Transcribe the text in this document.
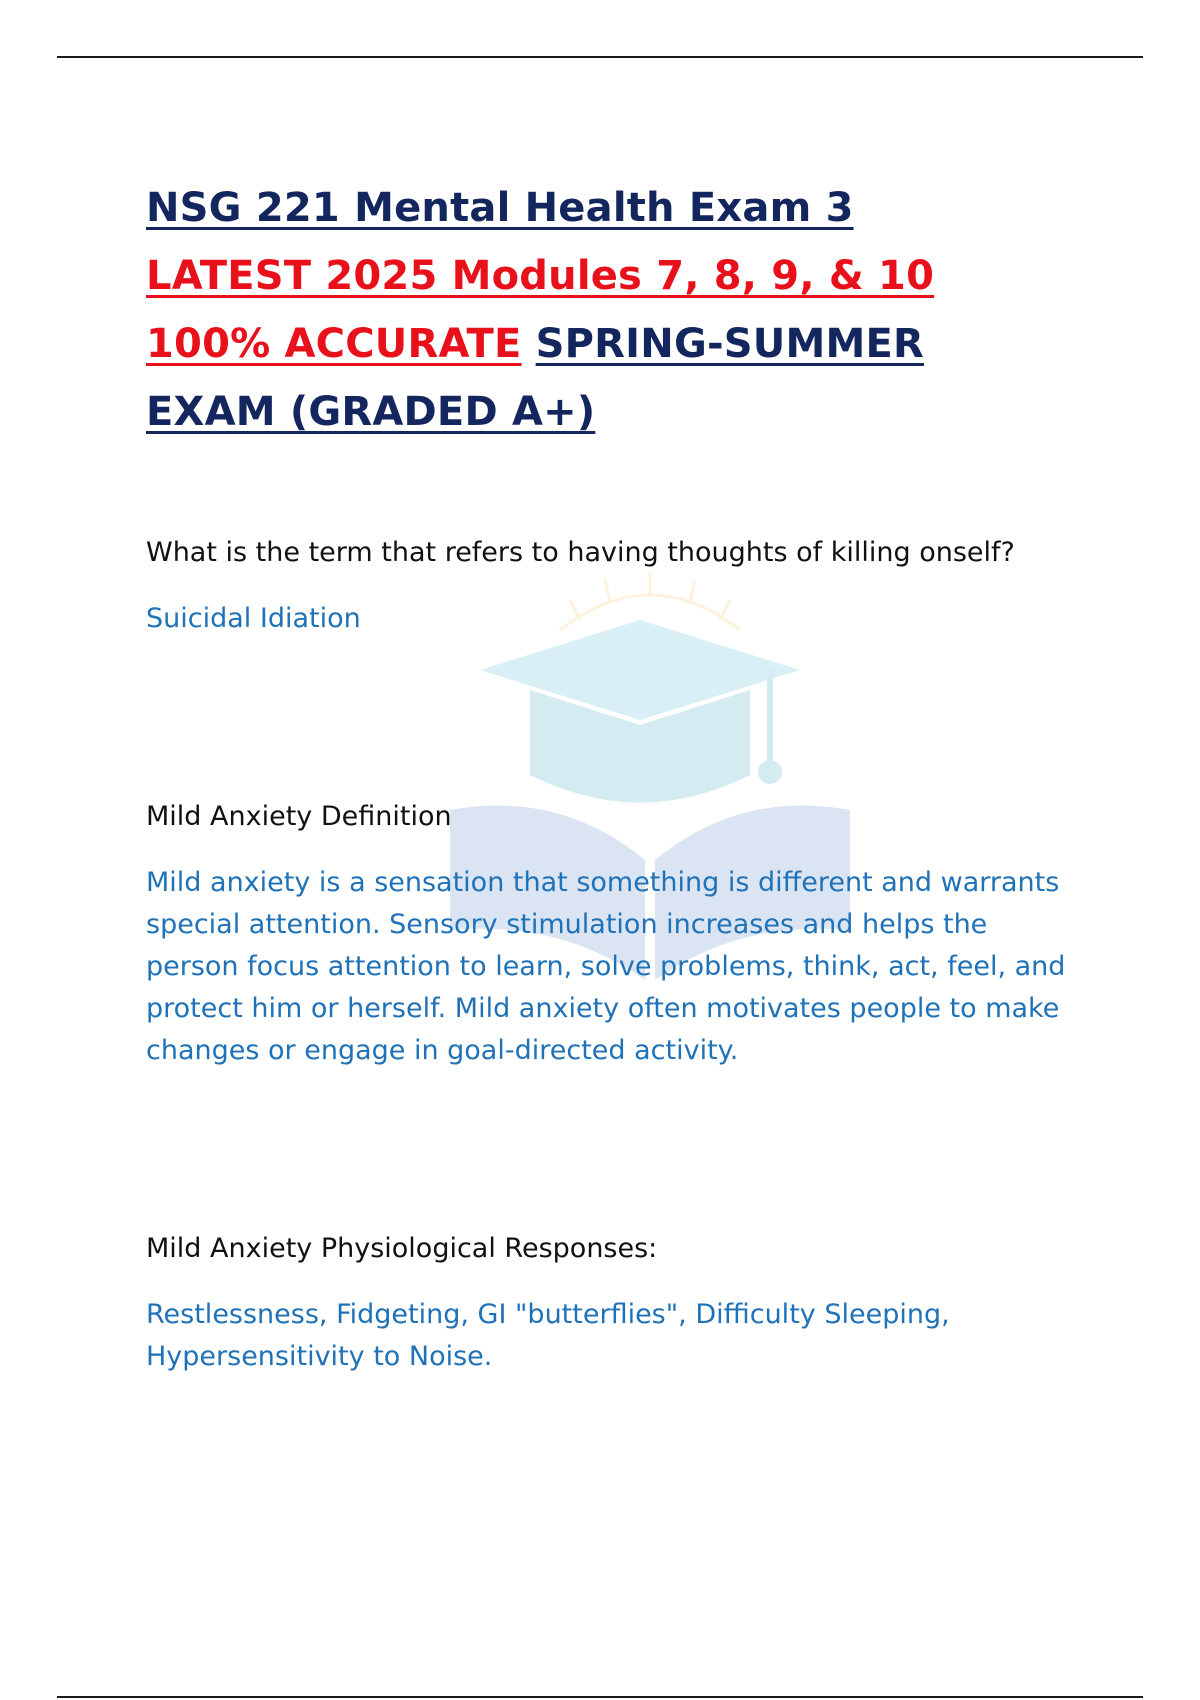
NSG 221 Mental Health Exam 3
LATEST 2025 Modules 7, 8, 9, & 10
100% ACCURATE SPRING-SUMMER
EXAM (GRADED A+)

What is the term that refers to having thoughts of killing onself?

Suicidal Idiation

Mild Anxiety Definition

Mild anxiety is a sensation that something is different and warrants special attention. Sensory stimulation increases and helps the person focus attention to learn, solve problems, think, act, feel, and protect him or herself. Mild anxiety often motivates people to make changes or engage in goal-directed activity.

Mild Anxiety Physiological Responses:

Restlessness, Fidgeting, GI "butterflies", Difficulty Sleeping, Hypersensitivity to Noise.
